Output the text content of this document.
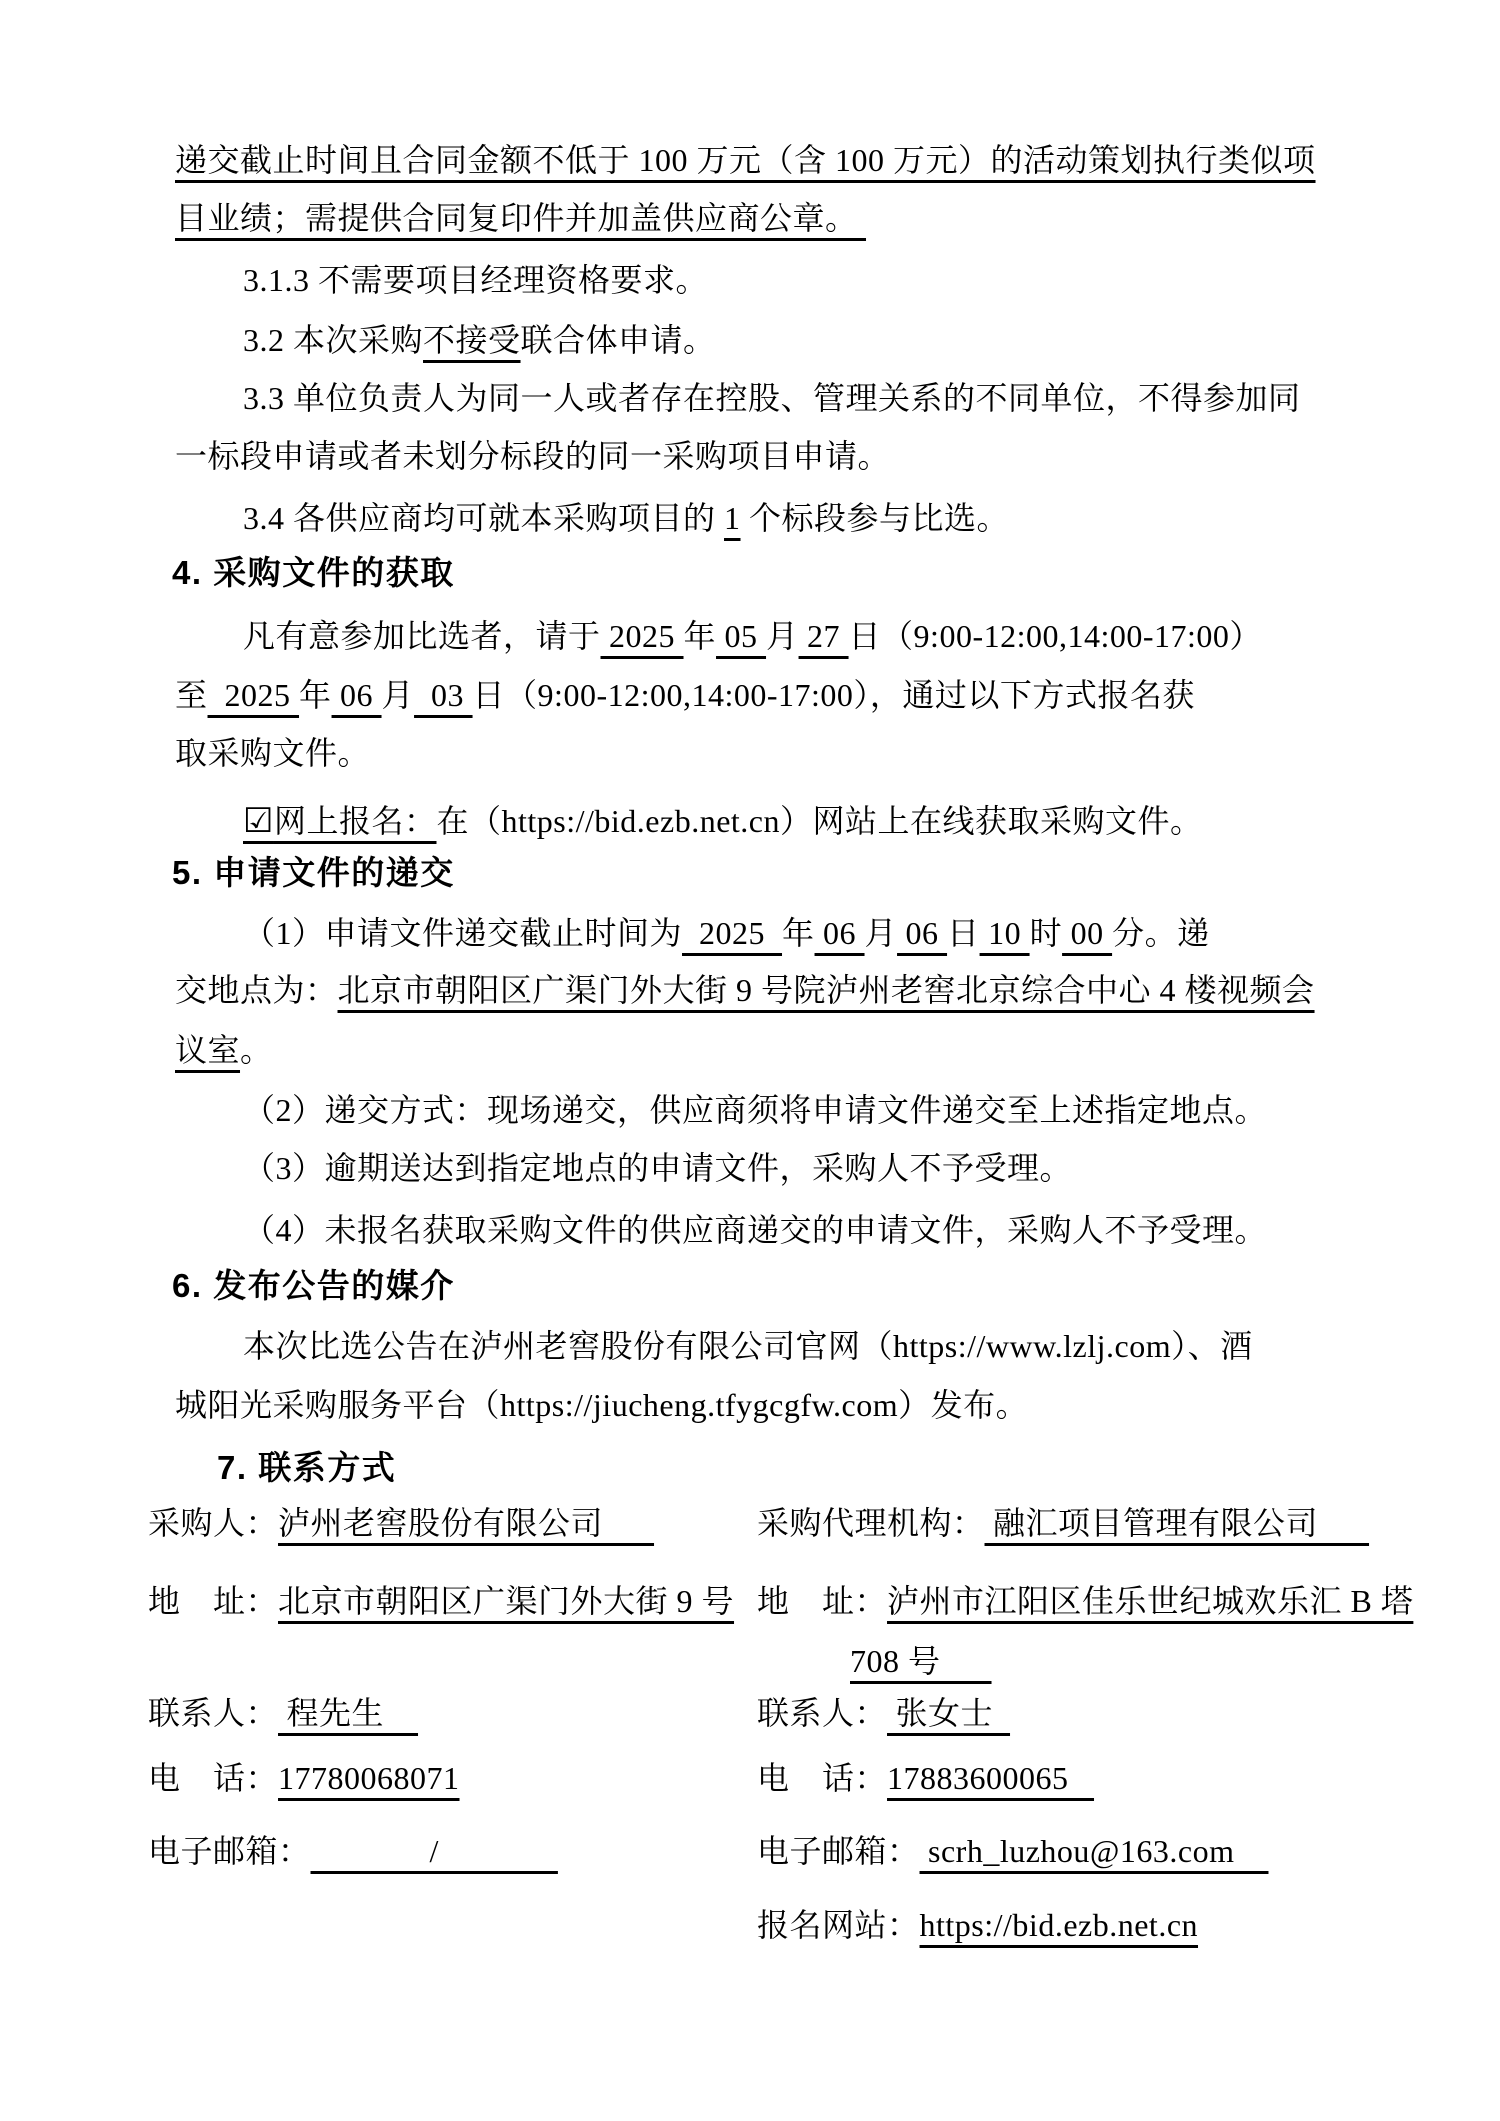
递交截止时间且合同金额不低于 100 万元（含 100 万元）的活动策划执行类似项
目业绩；需提供合同复印件并加盖供应商公章。
3.1.3 不需要项目经理资格要求。
3.2 本次采购不接受联合体申请。
3.3 单位负责人为同一人或者存在控股、管理关系的不同单位，不得参加同
一标段申请或者未划分标段的同一采购项目申请。
3.4 各供应商均可就本采购项目的 1 个标段参与比选。
4. 采购文件的获取
凡有意参加比选者，请于 2025 年 05 月 27 日（9:00-12:00,14:00-17:00）
至  2025 年 06 月  03 日（9:00-12:00,14:00-17:00），通过以下方式报名获
取采购文件。
☑网上报名：在（https://bid.ezb.net.cn）网站上在线获取采购文件。
5. 申请文件的递交
（1）申请文件递交截止时间为  2025  年 06 月 06 日 10 时 00 分。递
交地点为：北京市朝阳区广渠门外大街 9 号院泸州老窖北京综合中心 4 楼视频会
议室。
（2）递交方式：现场递交，供应商须将申请文件递交至上述指定地点。
（3）逾期送达到指定地点的申请文件，采购人不予受理。
（4）未报名获取采购文件的供应商递交的申请文件，采购人不予受理。
6. 发布公告的媒介
本次比选公告在泸州老窖股份有限公司官网（https://www.lzlj.com）、酒
城阳光采购服务平台（https://jiucheng.tfygcgfw.com）发布。
7. 联系方式
采购人：泸州老窖股份有限公司	采购代理机构： 融汇项目管理有限公司
地　址：北京市朝阳区广渠门外大街 9 号 地　址：泸州市江阳区佳乐世纪城欢乐汇 B 塔
708 号
联系人： 程先生	联系人： 张女士
电　话：17780068071	电　话：17883600065
电子邮箱：              /	电子邮箱： scrh_luzhou@163.com
报名网站：https://bid.ezb.net.cn
